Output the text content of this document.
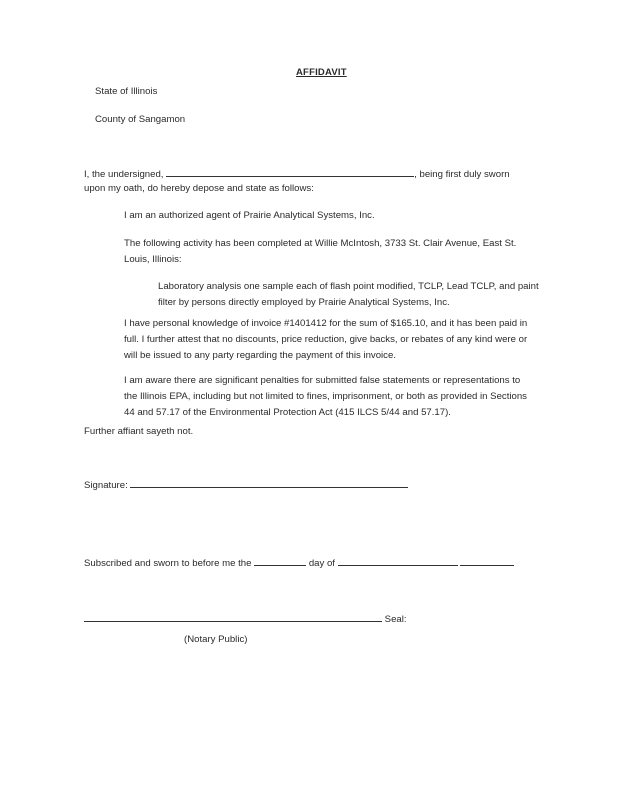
AFFIDAVIT
State of Illinois
County of Sangamon
I, the undersigned,	, being first duly sworn
upon my oath, do hereby depose and state as follows:
I am an authorized agent of Prairie Analytical Systems, Inc.
The following activity has been completed at Willie McIntosh, 3733 St. Clair Avenue, East St.
Louis, Illinois:
Laboratory analysis one sample each of flash point modified, TCLP, Lead TCLP, and paint
filter by persons directly employed by Prairie Analytical Systems, Inc.
I have personal knowledge of invoice #1401412 for the sum of $165.10, and it has been paid in
full. I further attest that no discounts, price reduction, give backs, or rebates of any kind were or
will be issued to any party regarding the payment of this invoice.
I am aware there are significant penalties for submitted false statements or representations to
the Illinois EPA, including but not limited to fines, imprisonment, or both as provided in Sections
44 and 57.17 of the Environmental Protection Act (415 ILCS 5/44 and 57.17).
Further affiant sayeth not.
Signature:
Subscribed and sworn to before me the	day of
Seal:
(Notary Public)
